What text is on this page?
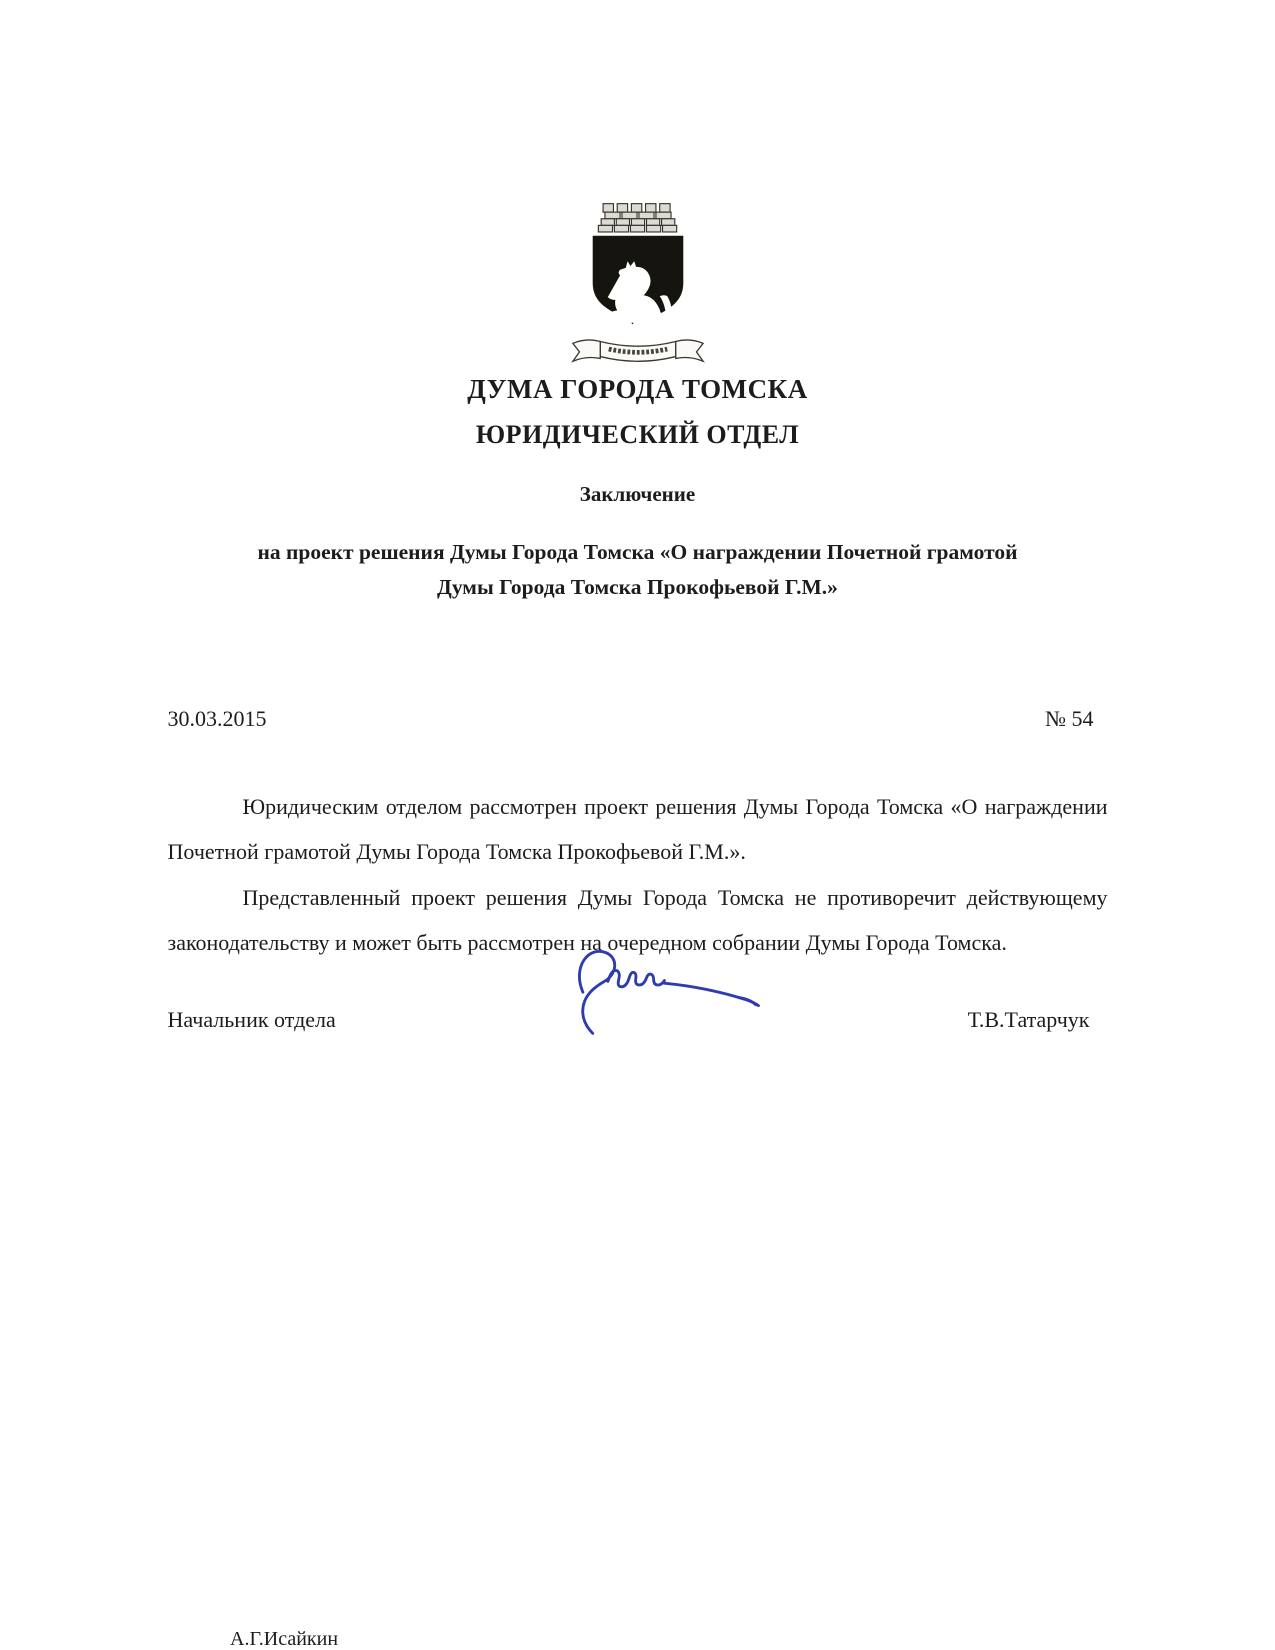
ДУМА ГОРОДА ТОМСКА
ЮРИДИЧЕСКИЙ ОТДЕЛ
Заключение
на проект решения Думы Города Томска «О награждении Почетной грамотой
Думы Города Томска Прокофьевой Г.М.»
30.03.2015	№ 54

Юридическим отделом рассмотрен проект решения Думы Города Томска «О награждении Почетной грамотой Думы Города Томска Прокофьевой Г.М.».

Представленный проект решения Думы Города Томска не противоречит действующему законодательству и может быть рассмотрен на очередном собрании Думы Города Томска.

Начальник отдела	Т.В.Татарчук
А.Г.Исайкин
